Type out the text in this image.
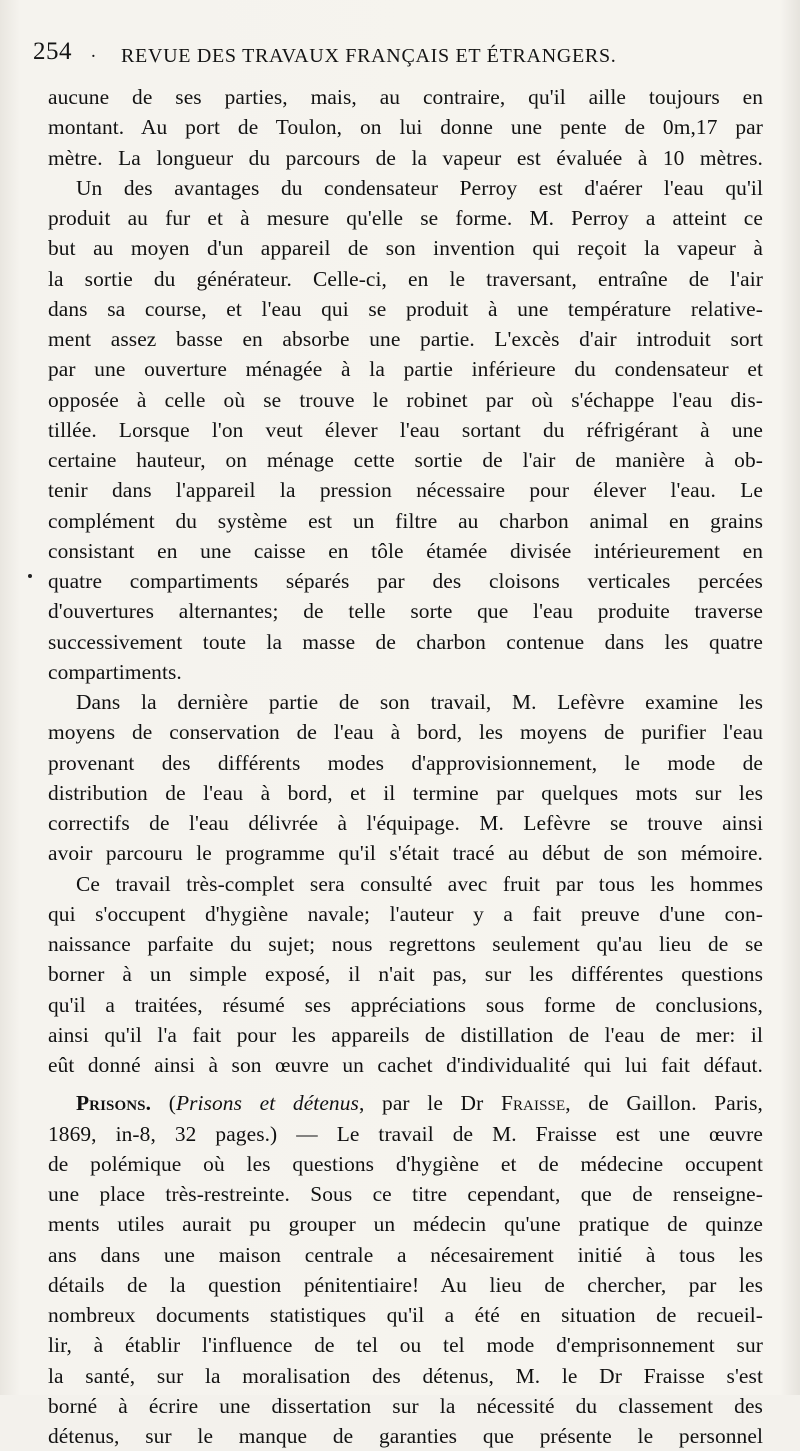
254 . REVUE DES TRAVAUX FRANÇAIS ET ÉTRANGERS.
aucune de ses parties, mais, au contraire, qu'il aille toujours en
montant. Au port de Toulon, on lui donne une pente de 0m,17 par
mètre. La longueur du parcours de la vapeur est évaluée à 10 mètres.
Un des avantages du condensateur Perroy est d'aérer l'eau qu'il
produit au fur et à mesure qu'elle se forme. M. Perroy a atteint ce
but au moyen d'un appareil de son invention qui reçoit la vapeur à
la sortie du générateur. Celle-ci, en le traversant, entraîne de l'air
dans sa course, et l'eau qui se produit à une température relative-
ment assez basse en absorbe une partie. L'excès d'air introduit sort
par une ouverture ménagée à la partie inférieure du condensateur et
opposée à celle où se trouve le robinet par où s'échappe l'eau dis-
tillée. Lorsque l'on veut élever l'eau sortant du réfrigérant à une
certaine hauteur, on ménage cette sortie de l'air de manière à ob-
tenir dans l'appareil la pression nécessaire pour élever l'eau. Le
complément du système est un filtre au charbon animal en grains
consistant en une caisse en tôle étamée divisée intérieurement en
quatre compartiments séparés par des cloisons verticales percées
d'ouvertures alternantes; de telle sorte que l'eau produite traverse
successivement toute la masse de charbon contenue dans les quatre
compartiments.
Dans la dernière partie de son travail, M. Lefèvre examine les
moyens de conservation de l'eau à bord, les moyens de purifier l'eau
provenant des différents modes d'approvisionnement, le mode de
distribution de l'eau à bord, et il termine par quelques mots sur les
correctifs de l'eau délivrée à l'équipage. M. Lefèvre se trouve ainsi
avoir parcouru le programme qu'il s'était tracé au début de son mémoire.
Ce travail très-complet sera consulté avec fruit par tous les hommes
qui s'occupent d'hygiène navale; l'auteur y a fait preuve d'une con-
naissance parfaite du sujet; nous regrettons seulement qu'au lieu de se
borner à un simple exposé, il n'ait pas, sur les différentes questions
qu'il a traitées, résumé ses appréciations sous forme de conclusions,
ainsi qu'il l'a fait pour les appareils de distillation de l'eau de mer: il
eût donné ainsi à son œuvre un cachet d'individualité qui lui fait défaut.
Prisons. (Prisons et détenus, par le Dr Fraisse, de Gaillon. Paris,
1869, in-8, 32 pages.) — Le travail de M. Fraisse est une œuvre
de polémique où les questions d'hygiène et de médecine occupent
une place très-restreinte. Sous ce titre cependant, que de renseigne-
ments utiles aurait pu grouper un médecin qu'une pratique de quinze
ans dans une maison centrale a nécesairement initié à tous les
détails de la question pénitentiaire! Au lieu de chercher, par les
nombreux documents statistiques qu'il a été en situation de recueil-
lir, à établir l'influence de tel ou tel mode d'emprisonnement sur
la santé, sur la moralisation des détenus, M. le Dr Fraisse s'est
borné à écrire une dissertation sur la nécessité du classement des
détenus, sur le manque de garanties que présente le personnel
